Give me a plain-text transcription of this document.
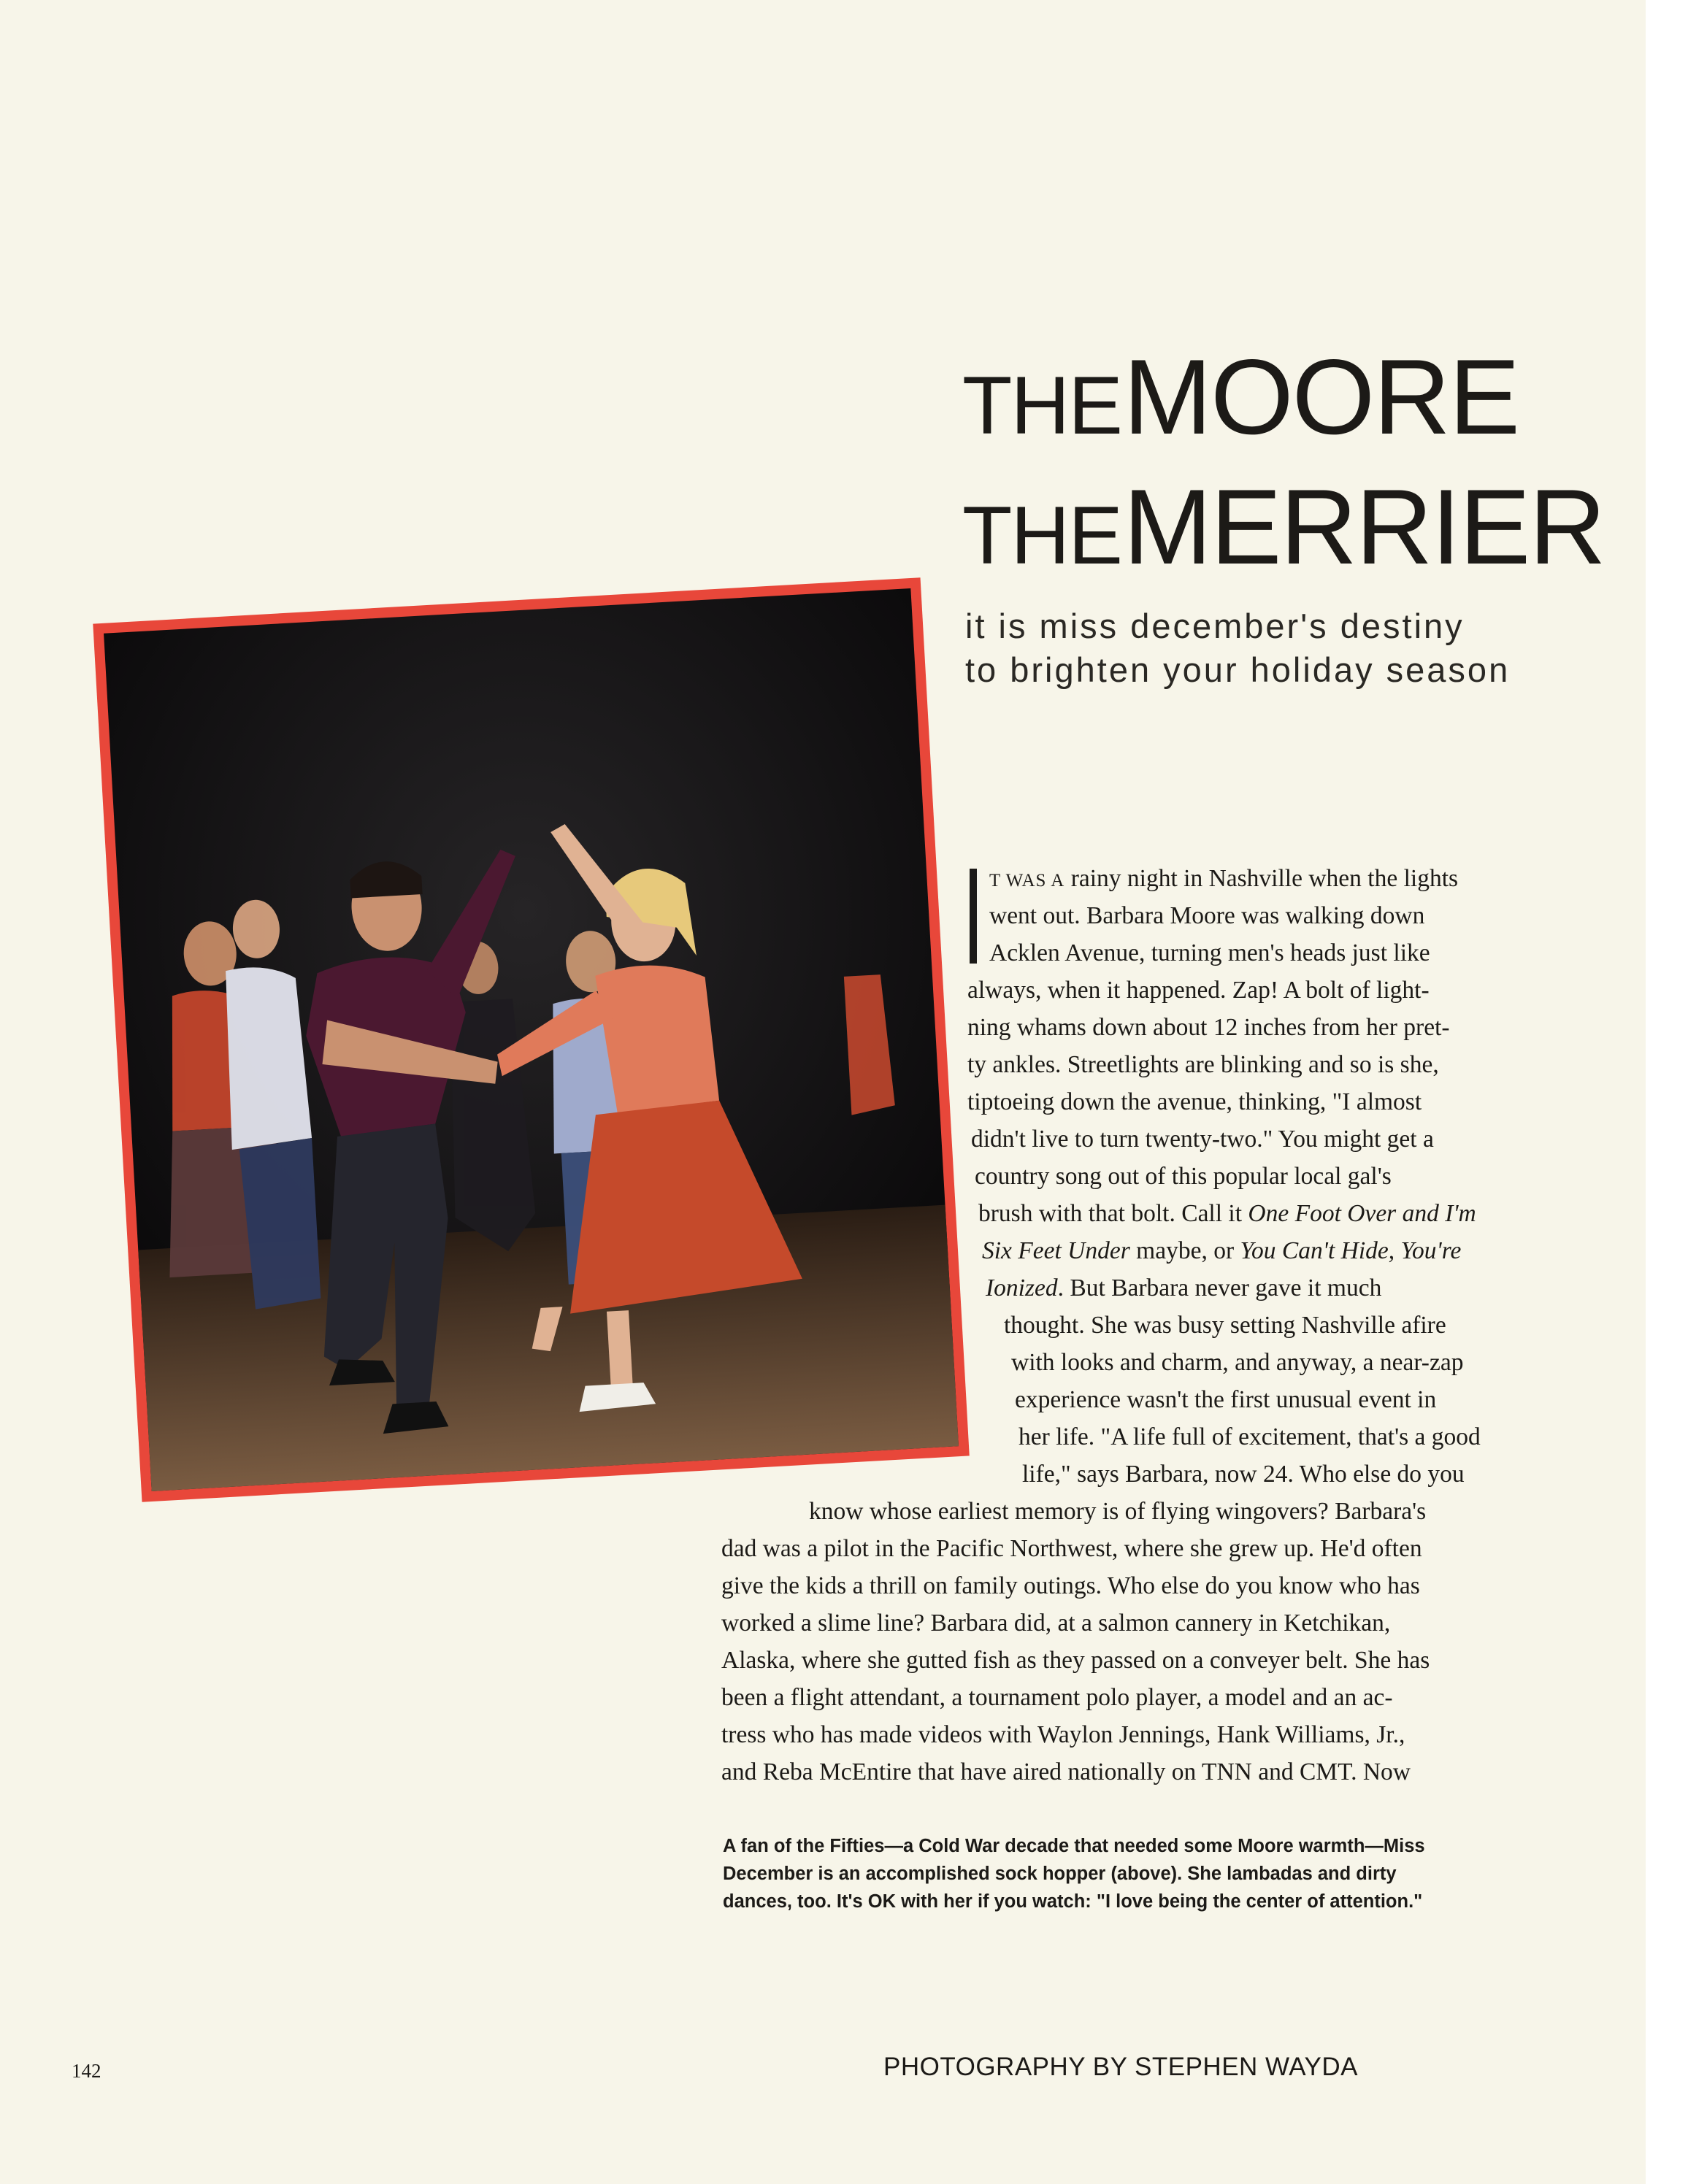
THE MOORE
THE MERRIER
it is miss december's destiny
to brighten your holiday season
T WAS A rainy night in Nashville when the lights
went out. Barbara Moore was walking down
Acklen Avenue, turning men's heads just like
always, when it happened. Zap! A bolt of light-
ning whams down about 12 inches from her pret-
ty ankles. Streetlights are blinking and so is she,
tiptoeing down the avenue, thinking, "I almost
didn't live to turn twenty-two." You might get a
country song out of this popular local gal's
brush with that bolt. Call it One Foot Over and I'm
Six Feet Under maybe, or You Can't Hide, You're
Ionized. But Barbara never gave it much
thought. She was busy setting Nashville afire
with looks and charm, and anyway, a near-zap
experience wasn't the first unusual event in
her life. "A life full of excitement, that's a good
life," says Barbara, now 24. Who else do you
know whose earliest memory is of flying wingovers? Barbara's
dad was a pilot in the Pacific Northwest, where she grew up. He'd often
give the kids a thrill on family outings. Who else do you know who has
worked a slime line? Barbara did, at a salmon cannery in Ketchikan,
Alaska, where she gutted fish as they passed on a conveyer belt. She has
been a flight attendant, a tournament polo player, a model and an ac-
tress who has made videos with Waylon Jennings, Hank Williams, Jr.,
and Reba McEntire that have aired nationally on TNN and CMT. Now
A fan of the Fifties—a Cold War decade that needed some Moore warmth—Miss
December is an accomplished sock hopper (above). She lambadas and dirty
dances, too. It's OK with her if you watch: "I love being the center of attention."
142	PHOTOGRAPHY BY STEPHEN WAYDA
